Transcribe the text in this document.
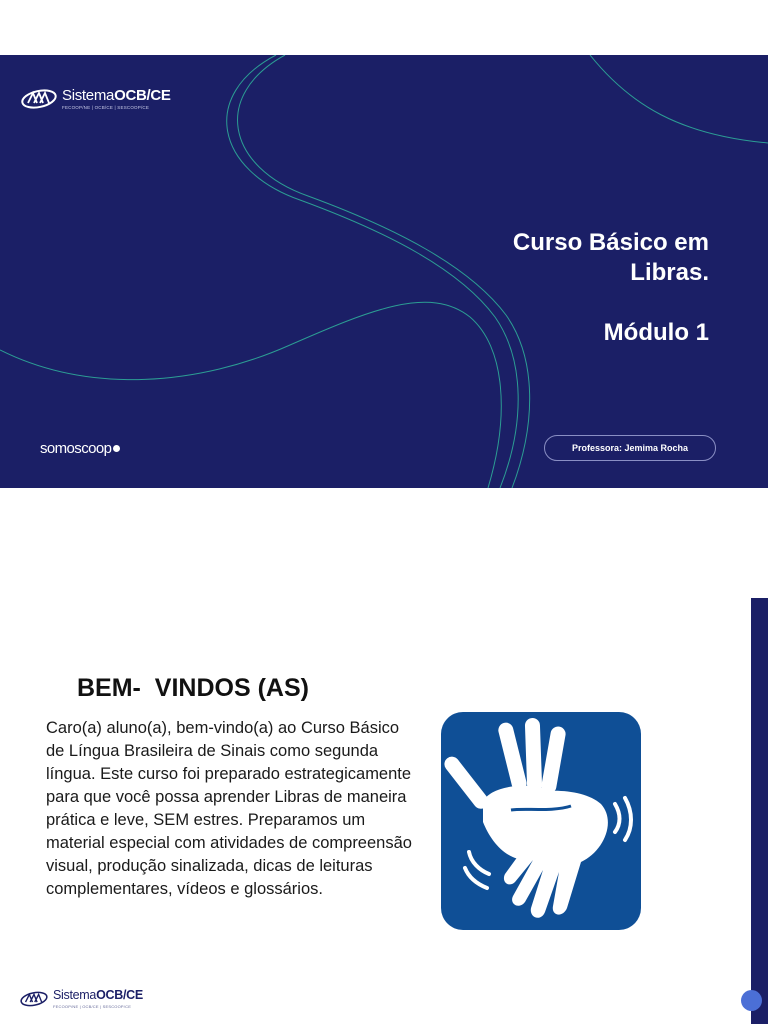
SistemaOCB/CE
FECOOP/NE | OCB/CE | SESCOOP/CE
Curso Básico em
Libras.
Módulo 1
somos coop	Professora: Jemima Rocha
BEM-  VINDOS (AS)

Caro(a) aluno(a), bem-vindo(a) ao Curso Básico de Língua Brasileira de Sinais como segunda língua. Este curso foi preparado estrategicamente para que você possa aprender Libras de maneira prática e leve, SEM estres. Preparamos um material especial com atividades de compreensão visual, produção sinalizada, dicas de leituras complementares, vídeos e glossários.

SistemaOCB/CE
FECOOP/NE | OCB/CE | SESCOOP/CE
